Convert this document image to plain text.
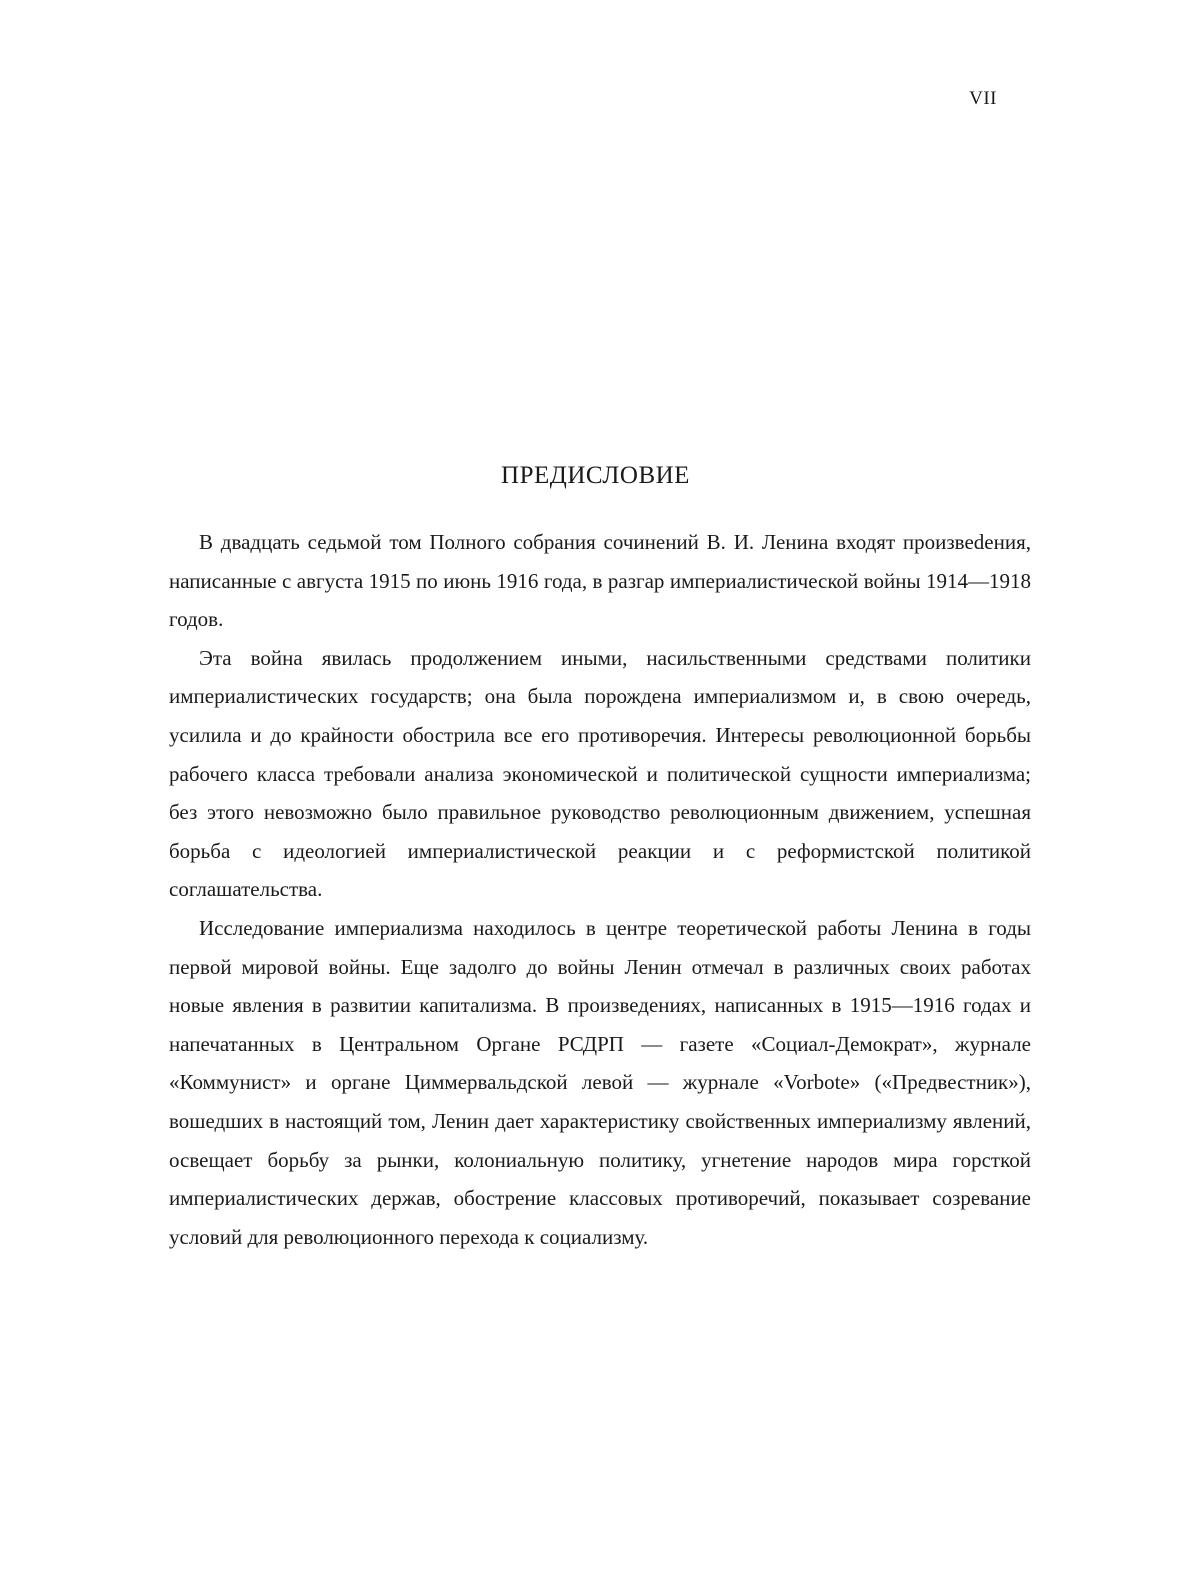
VII
ПРЕДИСЛОВИЕ

В двадцать седьмой том Полного собрания сочинений В. И. Ленина входят произвеdения, написанные с августа 1915 по июнь 1916 года, в разгар империалистической войны 1914—1918 годов.

Эта война явилась продолжением иными, насильственными средствами политики империалистических государств; она была порождена империализмом и, в свою очередь, усилила и до крайности обострила все его противоречия. Интересы революционной борьбы рабочего класса требовали анализа экономической и политической сущности империализма; без этого невозможно было правильное руководство революционным движением, успешная борьба с идеологией империалистической реакции и с реформистской политикой соглашательства.

Исследование империализма находилось в центре теоретической работы Ленина в годы первой мировой войны. Еще задолго до войны Ленин отмечал в различных своих работах новые явления в развитии капитализма. В произведениях, написанных в 1915—1916 годах и напечатанных в Центральном Органе РСДРП — газете «Социал-Демократ», журнале «Коммунист» и органе Циммервальдской левой — журнале «Vorbote» («Предвестник»), вошедших в настоящий том, Ленин дает характеристику свойственных империализму явлений, освещает борьбу за рынки, колониальную политику, угнетение народов мира горсткой империалистических держав, обострение классовых противоречий, показывает созревание условий для революционного перехода к социализму.
